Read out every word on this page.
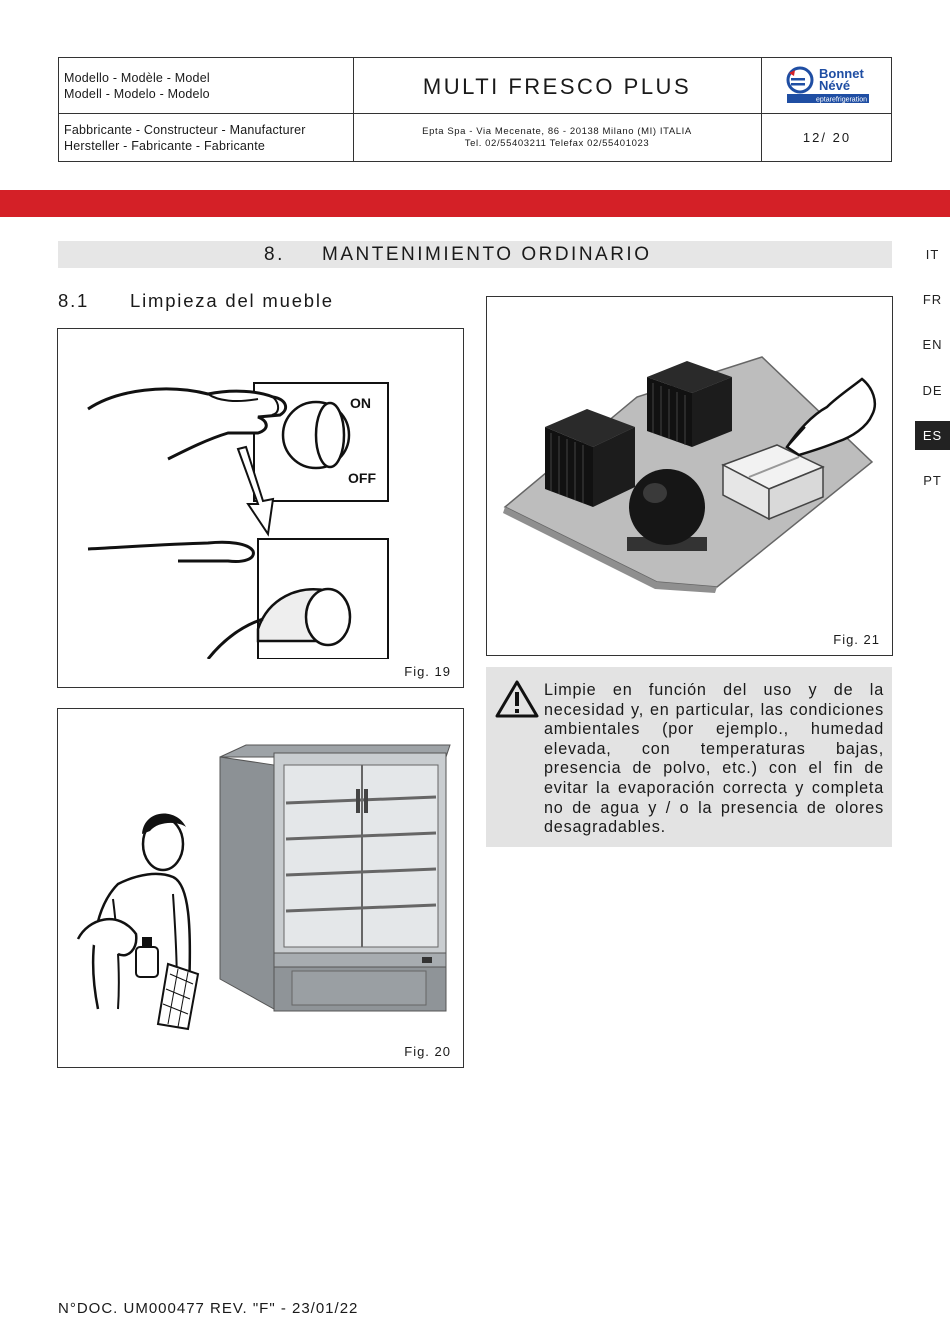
Modello - Modèle - Model
Modell - Modelo - Modelo	MULTI FRESCO PLUS
Bonnet
Névé
eptarefrigeration
Fabbricante - Constructeur - Manufacturer
Hersteller - Fabricante - Fabricante
Epta Spa - Via Mecenate, 86 - 20138 Milano (MI) ITALIA
Tel. 02/55403211 Telefax 02/55401023	12/ 20
8. MANTENIMIENTO ORDINARIO
8.1 Limpieza del mueble
IT
FR
EN
DE
ES
PT
ON
OFF
Fig. 19
Fig. 20
Fig. 21
Limpie en función del uso y de la necesidad y, en particular, las condiciones ambientales (por ejemplo., humedad elevada, con temperaturas bajas, presencia de polvo, etc.) con el fin de evitar la evaporación correcta y completa no de agua y / o la presencia de olores desagradables.
N°DOC. UM000477 REV. "F" - 23/01/22
